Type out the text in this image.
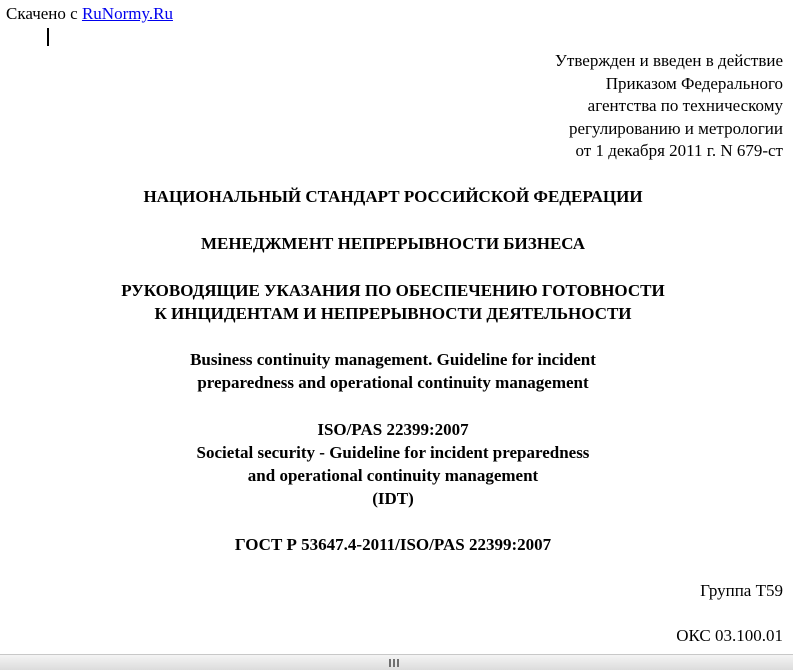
Скачено с RuNormy.Ru
Утвержден и введен в действие
Приказом Федерального
агентства по техническому
регулированию и метрологии
от 1 декабря 2011 г. N 679-ст
НАЦИОНАЛЬНЫЙ СТАНДАРТ РОССИЙСКОЙ ФЕДЕРАЦИИ
МЕНЕДЖМЕНТ НЕПРЕРЫВНОСТИ БИЗНЕСА
РУКОВОДЯЩИЕ УКАЗАНИЯ ПО ОБЕСПЕЧЕНИЮ ГОТОВНОСТИ
К ИНЦИДЕНТАМ И НЕПРЕРЫВНОСТИ ДЕЯТЕЛЬНОСТИ
Business continuity management. Guideline for incident
preparedness and operational continuity management
ISO/PAS 22399:2007
Societal security - Guideline for incident preparedness
and operational continuity management
(IDT)
ГОСТ Р 53647.4-2011/ISO/PAS 22399:2007
Группа Т59
ОКС 03.100.01
